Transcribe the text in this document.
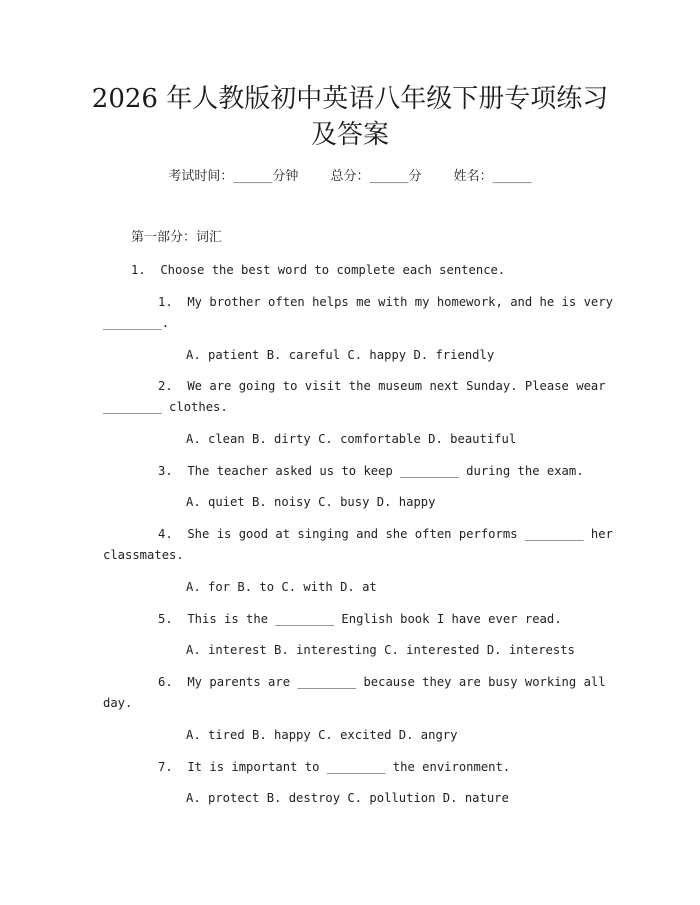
2026 年人教版初中英语八年级下册专项练习
及答案
考试时间：______分钟 总分：______分 姓名：______
第一部分：词汇
1.  Choose the best word to complete each sentence.
1.  My brother often helps me with my homework, and he is very
________.
A. patient B. careful C. happy D. friendly
2.  We are going to visit the museum next Sunday. Please wear
________ clothes.
A. clean B. dirty C. comfortable D. beautiful
3.  The teacher asked us to keep ________ during the exam.
A. quiet B. noisy C. busy D. happy
4.  She is good at singing and she often performs ________ her
classmates.
A. for B. to C. with D. at
5.  This is the ________ English book I have ever read.
A. interest B. interesting C. interested D. interests
6.  My parents are ________ because they are busy working all
day.
A. tired B. happy C. excited D. angry
7.  It is important to ________ the environment.
A. protect B. destroy C. pollution D. nature
